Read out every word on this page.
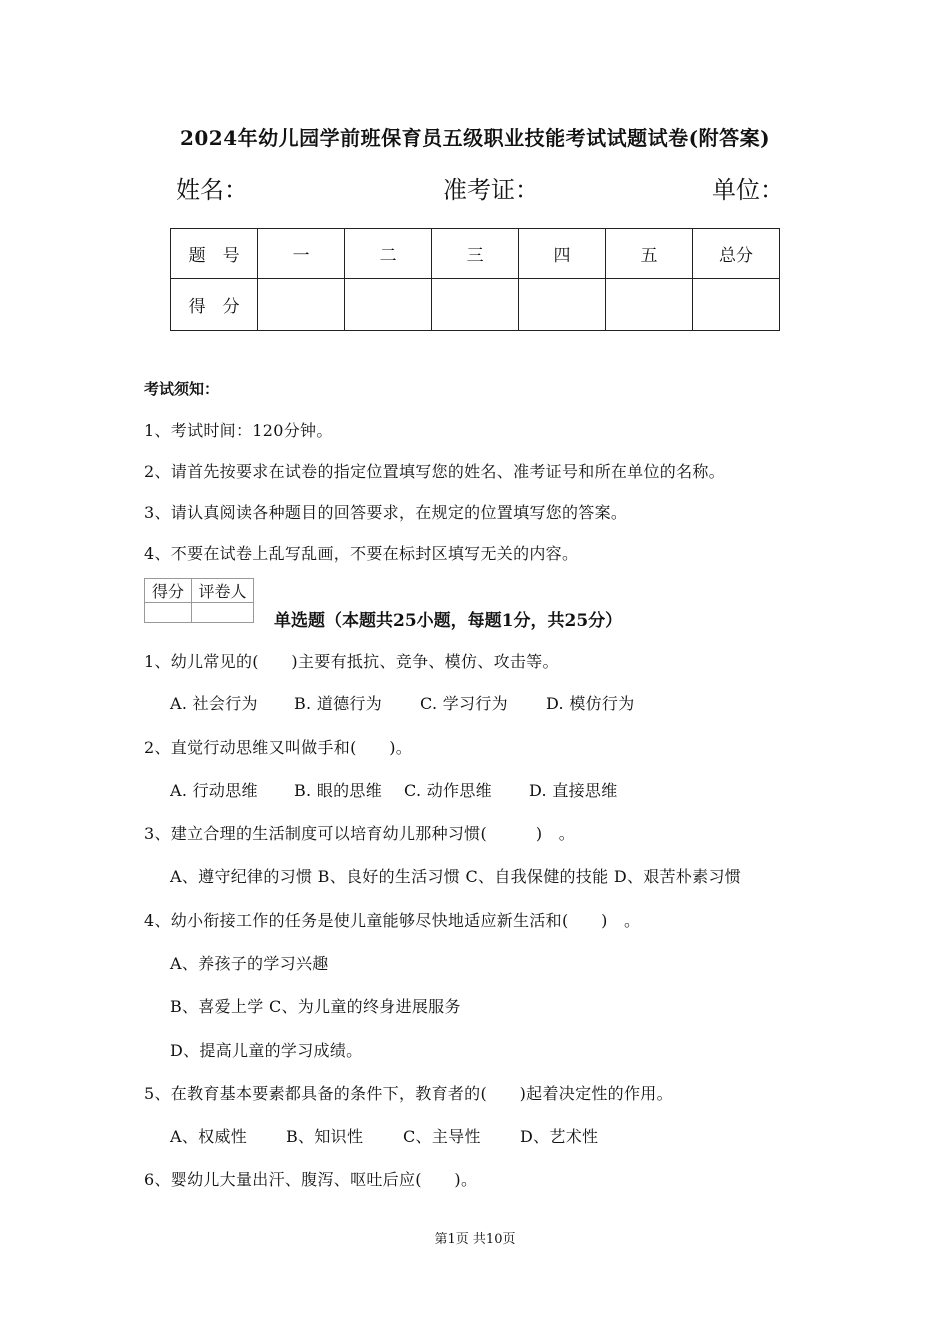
2024年幼儿园学前班保育员五级职业技能考试试题试卷(附答案)
姓名：	准考证：	单位：
题　号	一	二	三	四	五	总分
得　分						
考试须知：
1、考试时间：120分钟。
2、请首先按要求在试卷的指定位置填写您的姓名、准考证号和所在单位的名称。
3、请认真阅读各种题目的回答要求，在规定的位置填写您的答案。
4、不要在试卷上乱写乱画，不要在标封区填写无关的内容。
得分	评卷人

单选题（本题共25小题，每题1分，共25分）
1、幼儿常见的(　　)主要有抵抗、竞争、模仿、攻击等。
A. 社会行为 B. 道德行为 C. 学习行为 D. 模仿行为
2、直觉行动思维又叫做手和(　　)。
A. 行动思维 B. 眼的思维 C. 动作思维 D. 直接思维
3、建立合理的生活制度可以培育幼儿那种习惯(　　　)　。
A、遵守纪律的习惯 B、良好的生活习惯 C、自我保健的技能 D、艰苦朴素习惯
4、幼小衔接工作的任务是使儿童能够尽快地适应新生活和(　　)　。
A、养孩子的学习兴趣
B、喜爱上学 C、为儿童的终身进展服务
D、提高儿童的学习成绩。
5、在教育基本要素都具备的条件下，教育者的(　　)起着决定性的作用。
A、权威性 B、知识性 C、主导性 D、艺术性
6、婴幼儿大量出汗、腹泻、呕吐后应(　　)。
第1页 共10页
